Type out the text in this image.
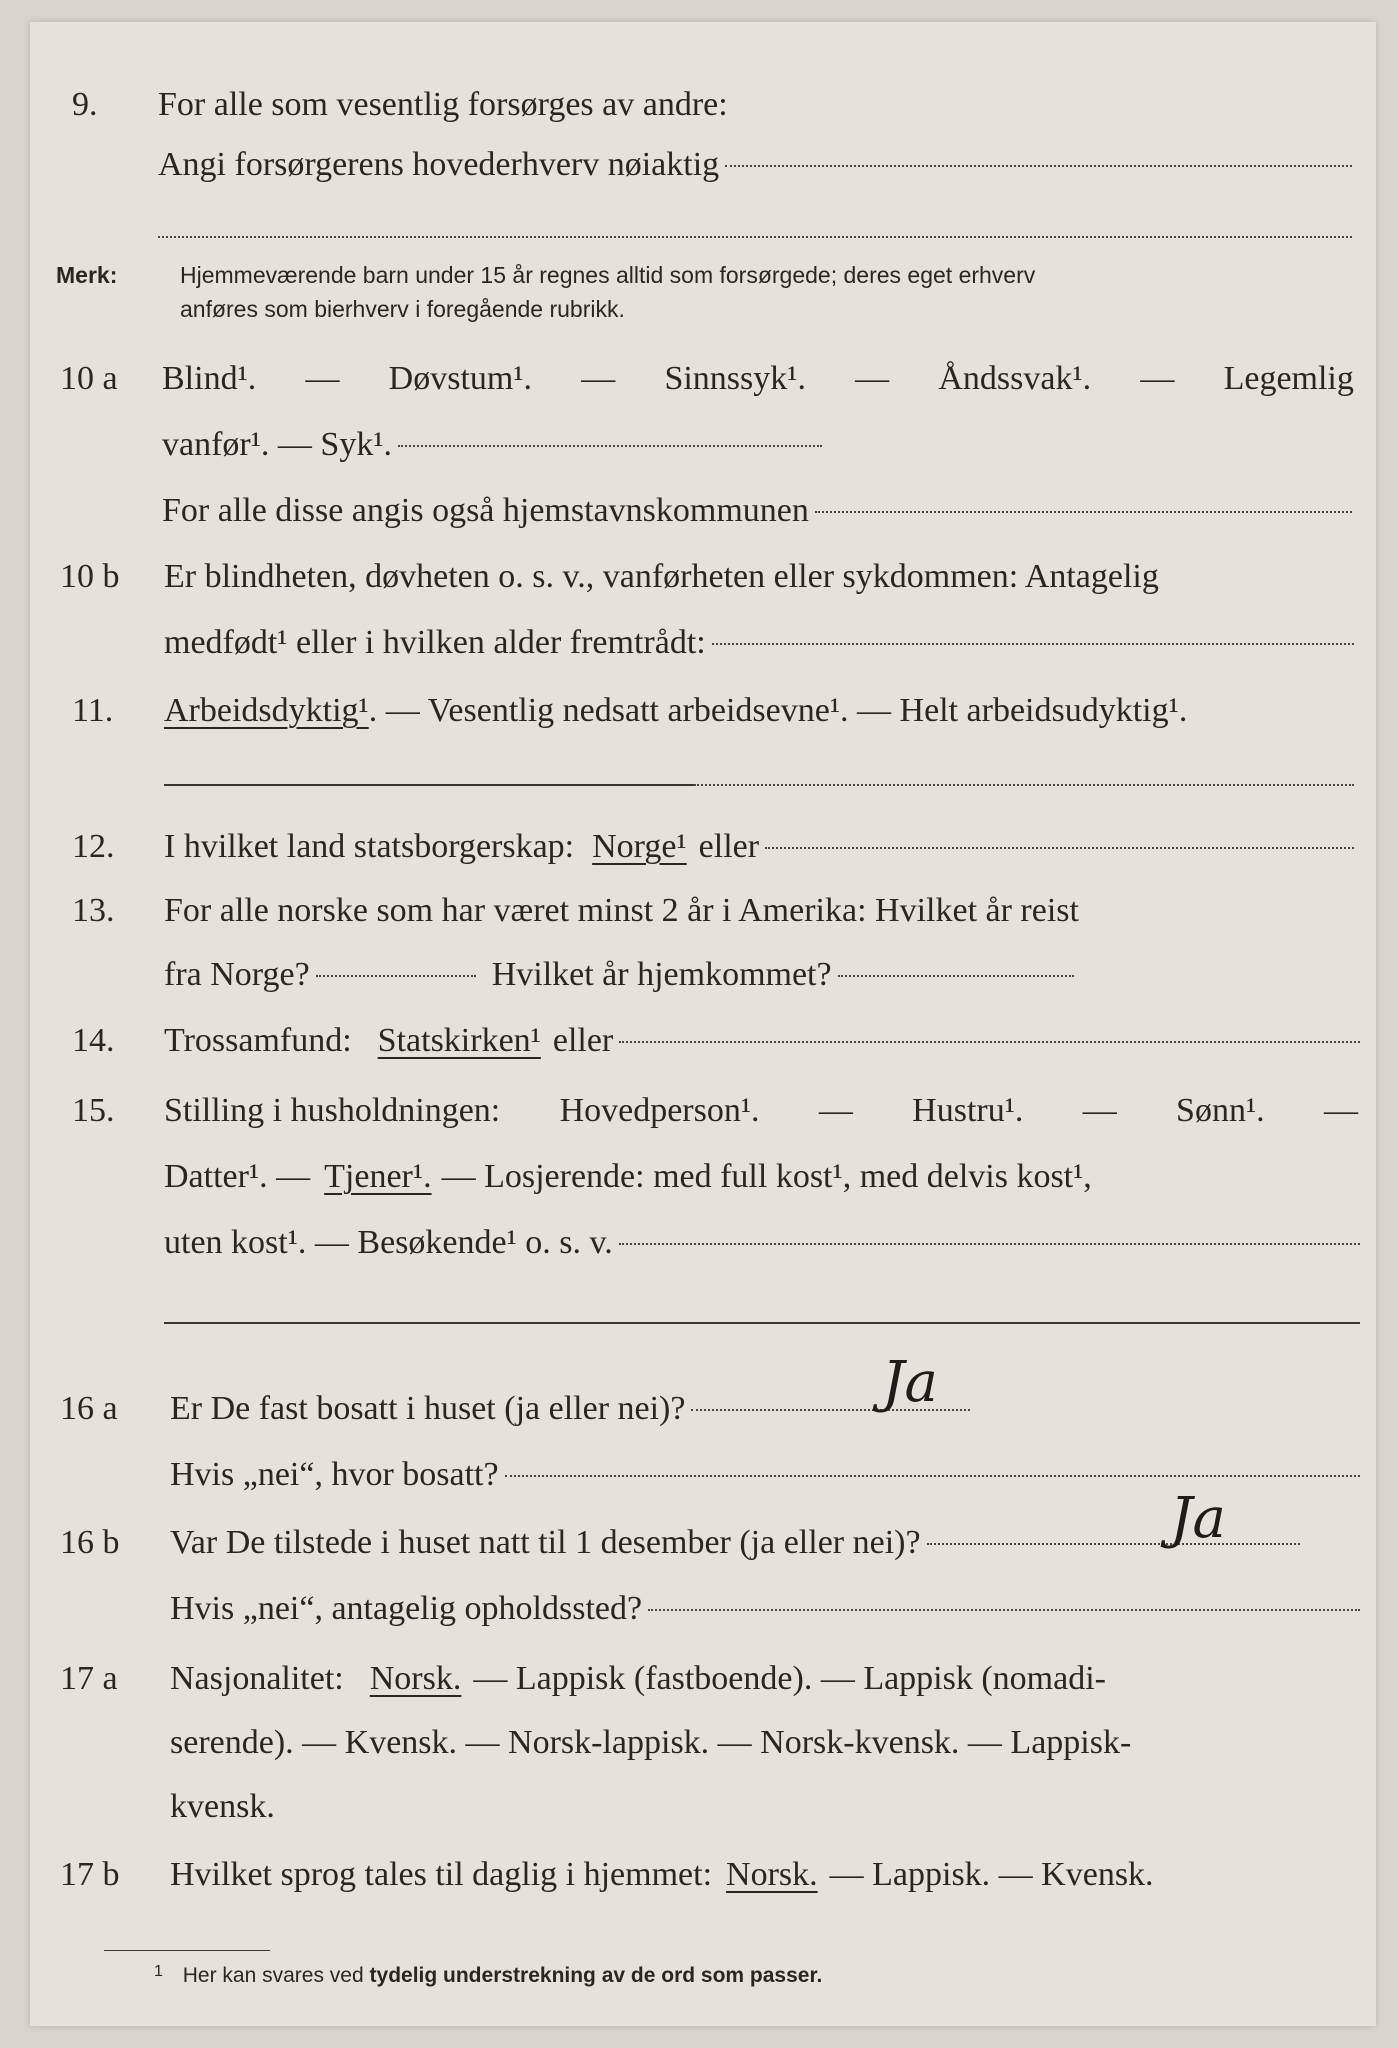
9. For alle som vesentlig forsørges av andre:
Angi forsørgerens hovederhverv nøiaktig
Merk:	Hjemmeværende barn under 15 år regnes alltid som forsørgede; deres eget erhverv
anføres som bierhverv i foregående rubrikk.
10 a Blind¹. — Døvstum¹. — Sinnssyk¹. — Åndssvak¹. — Legemlig
vanfør¹. — Syk¹.
For alle disse angis også hjemstavnskommunen
10 b Er blindheten, døvheten o. s. v., vanførheten eller sykdommen: Antagelig
medfødt¹ eller i hvilken alder fremtrådt:
11. Arbeidsdyktig¹ . — Vesentlig nedsatt arbeidsevne¹. — Helt arbeidsudyktig¹.
12. I hvilket land statsborgerskap: Norge¹ eller
13. For alle norske som har været minst 2 år i Amerika: Hvilket år reist
fra Norge?	Hvilket år hjemkommet?
14. Trossamfund: Statskirken¹ eller
15. Stilling i husholdningen: Hovedperson¹. — Hustru¹. — Sønn¹. —
Datter¹. — Tjener¹. — Losjerende: med full kost¹, med delvis kost¹,
uten kost¹. — Besøkende¹ o. s. v.
16 a Er De fast bosatt i huset (ja eller nei)?	Ja
Hvis „nei“, hvor bosatt?
16 b Var De tilstede i huset natt til 1 desember (ja eller nei)?	Ja
Hvis „nei“, antagelig opholdssted?
17 a Nasjonalitet: Norsk. — Lappisk (fastboende). — Lappisk (nomadi-
serende). — Kvensk. — Norsk-lappisk. — Norsk-kvensk. — Lappisk-
kvensk.
17 b Hvilket sprog tales til daglig i hjemmet: Norsk. — Lappisk. — Kvensk.
$^1$ Her kan svares ved tydelig understrekning av de ord som passer.
